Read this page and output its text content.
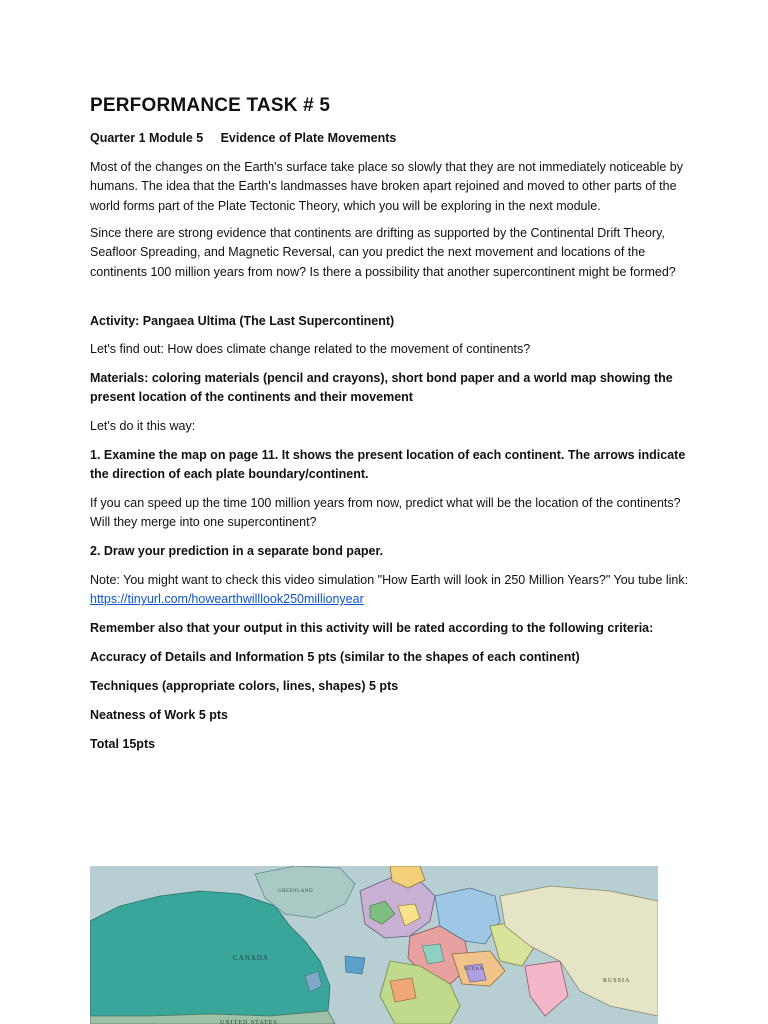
PERFORMANCE TASK # 5
Quarter 1 Module 5     Evidence of Plate Movements
Most of the changes on the Earth's surface take place so slowly that they are not immediately noticeable by humans. The idea that the Earth's landmasses have broken apart rejoined and moved to other parts of the world forms part of the Plate Tectonic Theory, which you will be exploring in the next module.
Since there are strong evidence that continents are drifting as supported by the Continental Drift Theory, Seafloor Spreading, and Magnetic Reversal, can you predict the next movement and locations of the continents 100 million years from now? Is there a possibility that another supercontinent might be formed?
Activity: Pangaea Ultima (The Last Supercontinent)
Let's find out: How does climate change related to the movement of continents?
Materials: coloring materials (pencil and crayons), short bond paper and a world map showing the present location of the continents and their movement
Let's do it this way:
1. Examine the map on page 11. It shows the present location of each continent. The arrows indicate the direction of each plate boundary/continent.
If you can speed up the time 100 million years from now, predict what will be the location of the continents? Will they merge into one supercontinent?
2. Draw your prediction in a separate bond paper.
Note: You might want to check this video simulation "How Earth will look in 250 Million Years?" You tube link: https://tinyurl.com/howearthwilllook250millionyear
Remember also that your output in this activity will be rated according to the following criteria:
Accuracy of Details and Information 5 pts (similar to the shapes of each continent)
Techniques (appropriate colors, lines, shapes) 5 pts
Neatness of Work 5 pts
Total 15pts
CANADA
GREENLAND
RUSSIA
UNITED STATES
SUDAN
